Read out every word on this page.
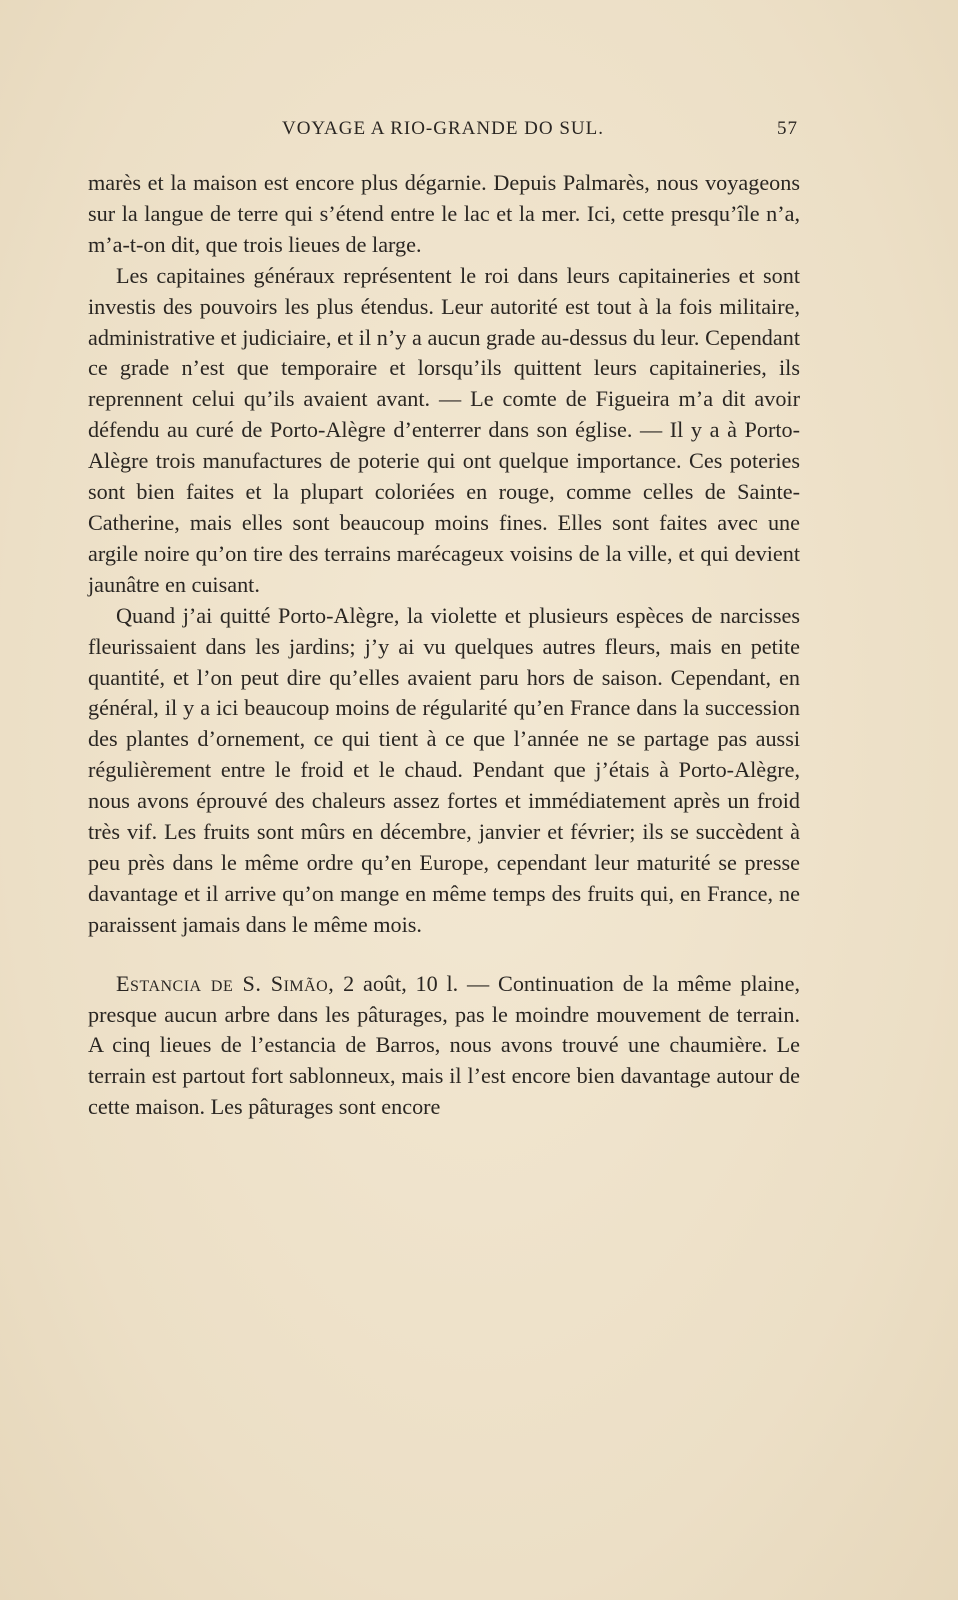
VOYAGE A RIO-GRANDE DO SUL.	57

marès et la maison est encore plus dégarnie. Depuis Palmarès, nous voyageons sur la langue de terre qui s’étend entre le lac et la mer. Ici, cette presqu’île n’a, m’a-t-on dit, que trois lieues de large.

Les capitaines généraux représentent le roi dans leurs capitaineries et sont investis des pouvoirs les plus étendus. Leur autorité est tout à la fois militaire, administrative et judiciaire, et il n’y a aucun grade au-dessus du leur. Cependant ce grade n’est que temporaire et lorsqu’ils quittent leurs capitaineries, ils reprennent celui qu’ils avaient avant. — Le comte de Figueira m’a dit avoir défendu au curé de Porto-Alègre d’enterrer dans son église. — Il y a à Porto-Alègre trois manufactures de poterie qui ont quelque importance. Ces poteries sont bien faites et la plupart coloriées en rouge, comme celles de Sainte-Catherine, mais elles sont beaucoup moins fines. Elles sont faites avec une argile noire qu’on tire des terrains marécageux voisins de la ville, et qui devient jaunâtre en cuisant.

Quand j’ai quitté Porto-Alègre, la violette et plusieurs espèces de narcisses fleurissaient dans les jardins; j’y ai vu quelques autres fleurs, mais en petite quantité, et l’on peut dire qu’elles avaient paru hors de saison. Cependant, en général, il y a ici beaucoup moins de régularité qu’en France dans la succession des plantes d’ornement, ce qui tient à ce que l’année ne se partage pas aussi régulièrement entre le froid et le chaud. Pendant que j’étais à Porto-Alègre, nous avons éprouvé des chaleurs assez fortes et immédiatement après un froid très vif. Les fruits sont mûrs en décembre, janvier et février; ils se succèdent à peu près dans le même ordre qu’en Europe, cependant leur maturité se presse davantage et il arrive qu’on mange en même temps des fruits qui, en France, ne paraissent jamais dans le même mois.

Estancia de S. Simão, 2 août, 10 l. — Continuation de la même plaine, presque aucun arbre dans les pâturages, pas le moindre mouvement de terrain. A cinq lieues de l’estancia de Barros, nous avons trouvé une chaumière. Le terrain est partout fort sablonneux, mais il l’est encore bien davantage autour de cette maison. Les pâturages sont encore
